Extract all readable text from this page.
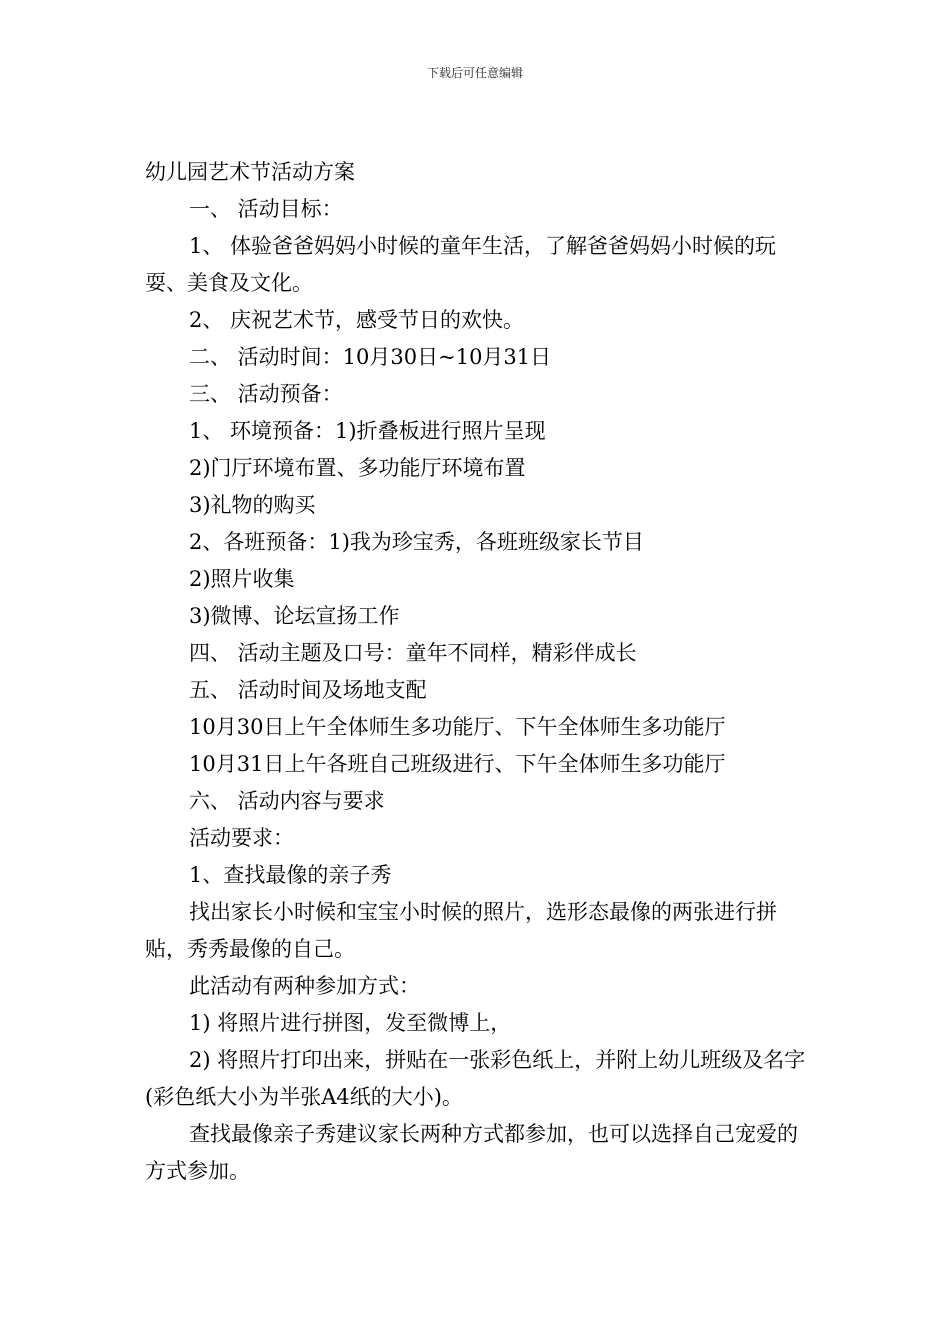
下载后可任意编辑

幼儿园艺术节活动方案

一、 活动目标：

1、 体验爸爸妈妈小时候的童年生活，了解爸爸妈妈小时候的玩耍、美食及文化。

2、 庆祝艺术节，感受节日的欢快。

二、 活动时间：10月30日~10月31日

三、 活动预备：

1、 环境预备：1)折叠板进行照片呈现

2)门厅环境布置、多功能厅环境布置

3)礼物的购买

2、各班预备：1)我为珍宝秀，各班班级家长节目

2)照片收集

3)微博、论坛宣扬工作

四、 活动主题及口号：童年不同样，精彩伴成长

五、 活动时间及场地支配

10月30日上午全体师生多功能厅、下午全体师生多功能厅

10月31日上午各班自己班级进行、下午全体师生多功能厅

六、 活动内容与要求

活动要求：

1、查找最像的亲子秀

找出家长小时候和宝宝小时候的照片，选形态最像的两张进行拼贴，秀秀最像的自己。

此活动有两种参加方式：

1) 将照片进行拼图，发至微博上，

2) 将照片打印出来，拼贴在一张彩色纸上，并附上幼儿班级及名字(彩色纸大小为半张A4纸的大小)。

查找最像亲子秀建议家长两种方式都参加，也可以选择自己宠爱的方式参加。
